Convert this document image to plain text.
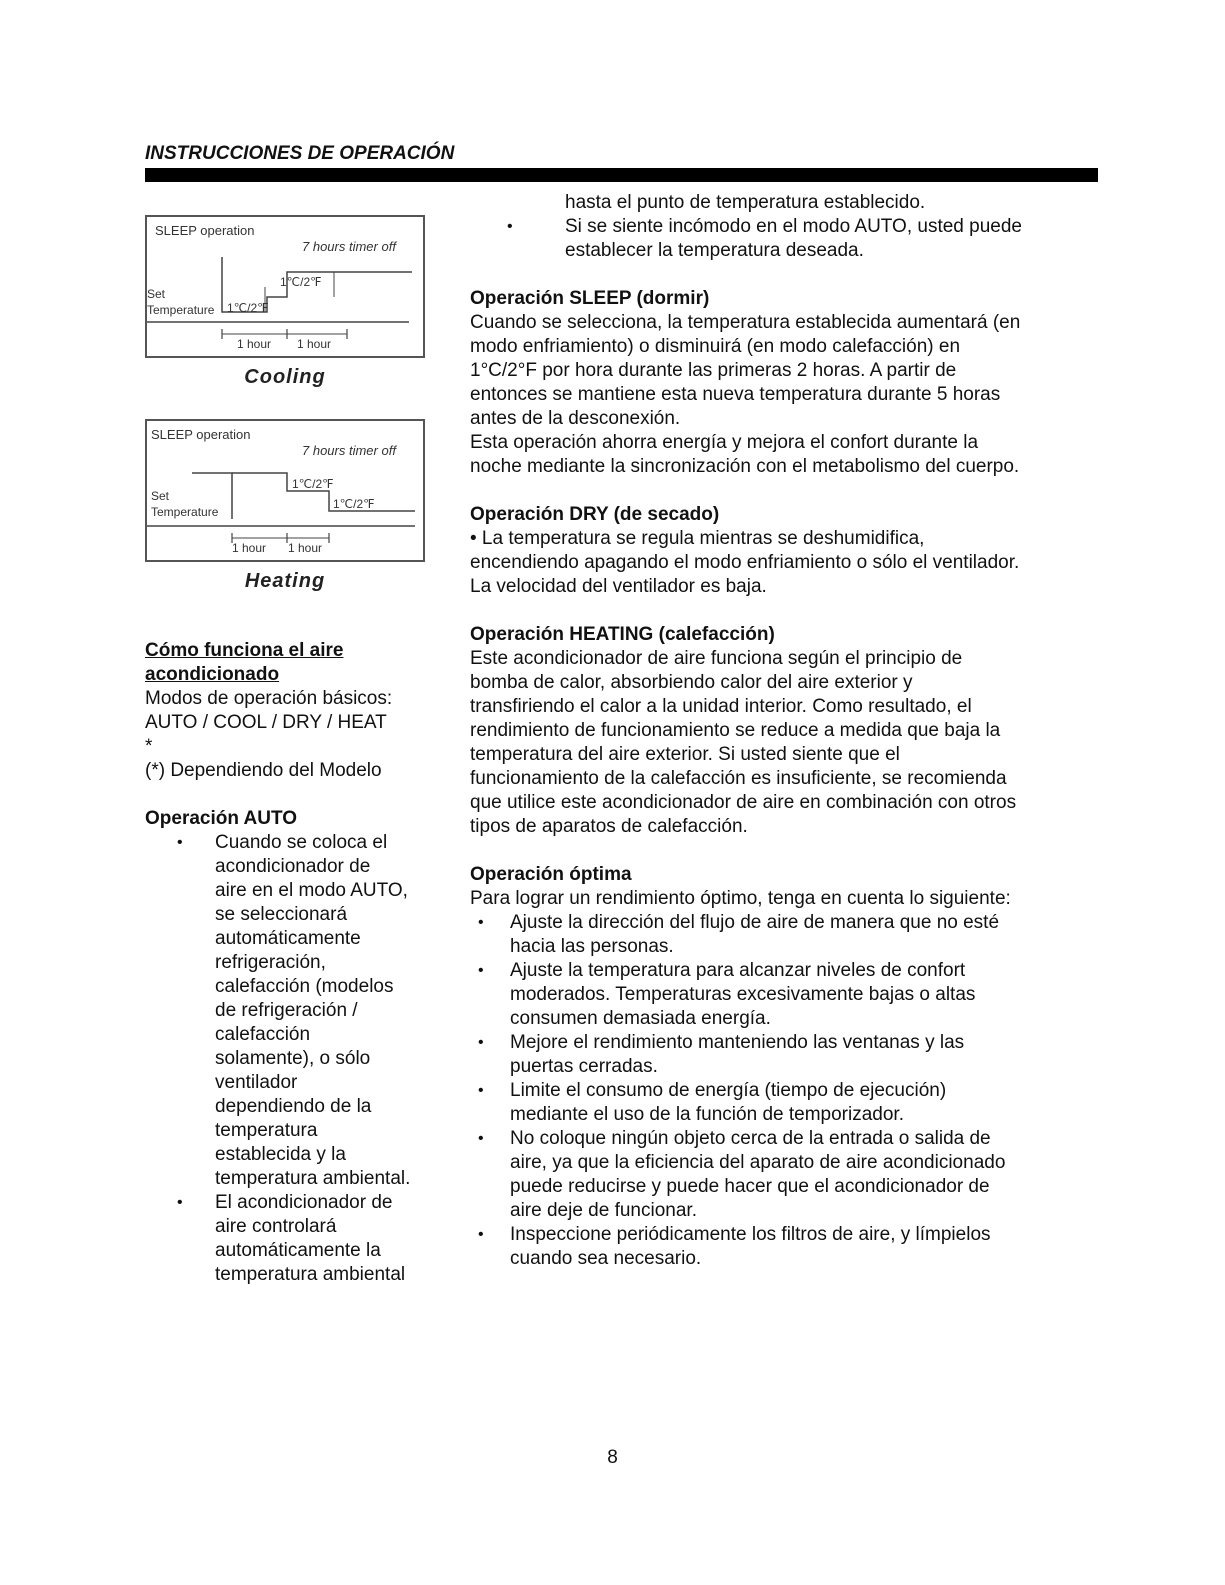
INSTRUCCIONES DE OPERACIÓN
SLEEP operation
7 hours timer off
Set
Temperature 1℃/2℉
1℃/2℉
1 hour 1 hour
Cooling
SLEEP operation
7 hours timer off
Set
Temperature
1℃/2℉
1℃/2℉
1 hour 1 hour
Heating

Cómo funciona el aire

acondicionado

Modos de operación básicos:

AUTO / COOL / DRY / HEAT

*

(*) Dependiendo del Modelo

Operación AUTO

• Cuando se coloca el

acondicionador de

aire en el modo AUTO,

se seleccionará

automáticamente

refrigeración,

calefacción (modelos

de refrigeración /

calefacción

solamente), o sólo

ventilador

dependiendo de la

temperatura

establecida y la

temperatura ambiental.

• El acondicionador de

aire controlará

automáticamente la

temperatura ambiental

hasta el punto de temperatura establecido.

•	Si se siente incómodo en el modo AUTO, usted puede

establecer la temperatura deseada.

Operación SLEEP (dormir)

Cuando se selecciona, la temperatura establecida aumentará (en

modo enfriamiento) o disminuirá (en modo calefacción) en

1°C/2°F por hora durante las primeras 2 horas. A partir de

entonces se mantiene esta nueva temperatura durante 5 horas

antes de la desconexión.

Esta operación ahorra energía y mejora el confort durante la

noche mediante la sincronización con el metabolismo del cuerpo.

Operación DRY (de secado)

• La temperatura se regula mientras se deshumidifica,

encendiendo apagando el modo enfriamiento o sólo el ventilador.

La velocidad del ventilador es baja.

Operación HEATING (calefacción)

Este acondicionador de aire funciona según el principio de

bomba de calor, absorbiendo calor del aire exterior y

transfiriendo el calor a la unidad interior. Como resultado, el

rendimiento de funcionamiento se reduce a medida que baja la

temperatura del aire exterior. Si usted siente que el

funcionamiento de la calefacción es insuficiente, se recomienda

que utilice este acondicionador de aire en combinación con otros

tipos de aparatos de calefacción.

Operación óptima

Para lograr un rendimiento óptimo, tenga en cuenta lo siguiente:

• Ajuste la dirección del flujo de aire de manera que no esté

hacia las personas.

• Ajuste la temperatura para alcanzar niveles de confort

moderados. Temperaturas excesivamente bajas o altas

consumen demasiada energía.

• Mejore el rendimiento manteniendo las ventanas y las

puertas cerradas.

• Limite el consumo de energía (tiempo de ejecución)

mediante el uso de la función de temporizador.

• No coloque ningún objeto cerca de la entrada o salida de

aire, ya que la eficiencia del aparato de aire acondicionado

puede reducirse y puede hacer que el acondicionador de

aire deje de funcionar.

• Inspeccione periódicamente los filtros de aire, y límpielos

cuando sea necesario.

8
